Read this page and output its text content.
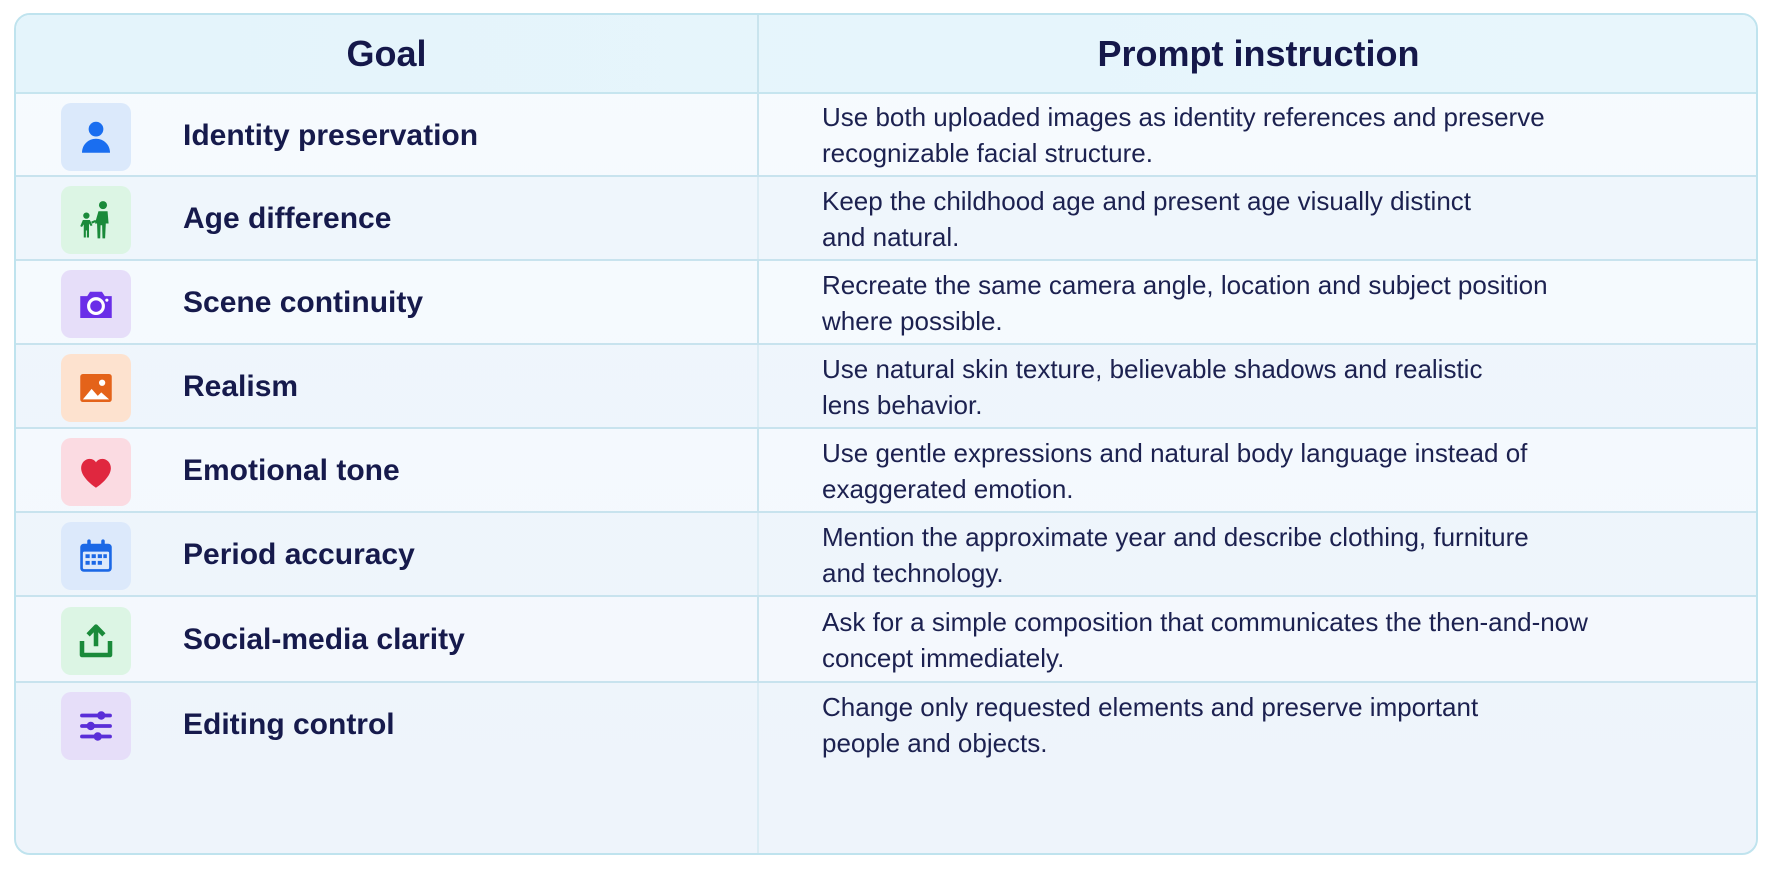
Goal	Prompt instruction
Identity preservation
Use both uploaded images as identity references and preserve
recognizable facial structure.
Age difference
Keep the childhood age and present age visually distinct
and natural.
Scene continuity
Recreate the same camera angle, location and subject position
where possible.
Realism
Use natural skin texture, believable shadows and realistic
lens behavior.
Emotional tone
Use gentle expressions and natural body language instead of
exaggerated emotion.
Period accuracy
Mention the approximate year and describe clothing, furniture
and technology.
Social-media clarity
Ask for a simple composition that communicates the then-and-now
concept immediately.
Editing control
Change only requested elements and preserve important
people and objects.
